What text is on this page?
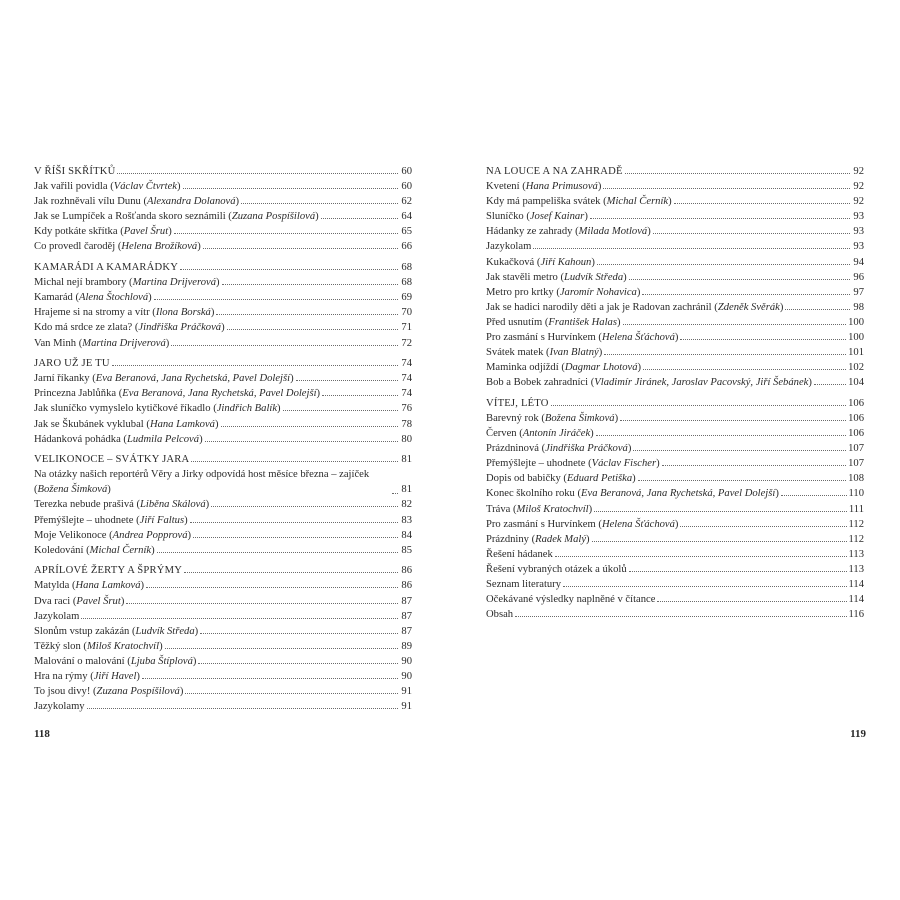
V ŘÍŠI SKŘÍTKŮ	60
Jak vařili povidla (Václav Čtvrtek)	60
Jak rozhněvali vílu Dunu (Alexandra Dolanová)	62
Jak se Lumpíček a Rošťanda skoro seznámili (Zuzana Pospíšilová)	64
Kdy potkáte skřítka (Pavel Šrut)	65
Co provedl čaroděj (Helena Brožíková)	66
KAMARÁDI A KAMARÁDKY	68
Michal nejí brambory (Martina Drijverová)	68
Kamarád (Alena Štochlová)	69
Hrajeme si na stromy a vítr (Ilona Borská)	70
Kdo má srdce ze zlata? (Jindřiška Práčková)	71
Van Minh (Martina Drijverová)	72
JARO UŽ JE TU	74
Jarní říkanky (Eva Beranová, Jana Rychetská, Pavel Dolejší)	74
Princezna Jablůňka (Eva Beranová, Jana Rychetská, Pavel Dolejší)	74
Jak sluníčko vymyslelo kytičkové říkadlo (Jindřich Balík)	76
Jak se Škubánek vyklubal (Hana Lamková)	78
Hádanková pohádka (Ludmila Pelcová)	80
VELIKONOCE – SVÁTKY JARA	81
Na otázky našich reportérů Věry a Jirky odpovídá host měsíce března – zajíček (Božena Šimková)	81
Terezka nebude prašivá (Liběna Skálová)	82
Přemýšlejte – uhodnete (Jiří Faltus)	83
Moje Velikonoce (Andrea Popprová)	84
Koledování (Michal Černík)	85
APRÍLOVÉ ŽERTY A ŠPRÝMY	86
Matylda (Hana Lamková)	86
Dva raci (Pavel Šrut)	87
Jazykolam	87
Slonům vstup zakázán (Ludvík Středa)	87
Těžký slon (Miloš Kratochvíl)	89
Malování o malování (Ljuba Štíplová)	90
Hra na rýmy (Jiří Havel)	90
To jsou divy! (Zuzana Pospíšilová)	91
Jazykolamy	91
NA LOUCE A NA ZAHRADĚ	92
Kvetení (Hana Primusová)	92
Kdy má pampeliška svátek (Michal Černík)	92
Sluníčko (Josef Kainar)	93
Hádanky ze zahrady (Milada Motlová)	93
Jazykolam	93
Kukačková (Jiří Kahoun)	94
Jak stavěli metro (Ludvík Středa)	96
Metro pro krtky (Jaromír Nohavica)	97
Jak se hadici narodily děti a jak je Radovan zachránil (Zdeněk Svěrák)	98
Před usnutím (František Halas)	100
Pro zasmání s Hurvínkem (Helena Šťáchová)	100
Svátek matek (Ivan Blatný)	101
Maminka odjíždí (Dagmar Lhotová)	102
Bob a Bobek zahradníci (Vladimír Jiránek, Jaroslav Pacovský, Jiří Šebánek)	104
VÍTEJ, LÉTO	106
Barevný rok (Božena Šimková)	106
Červen (Antonín Jiráček)	106
Prázdninová (Jindřiška Práčková)	107
Přemýšlejte – uhodnete (Václav Fischer)	107
Dopis od babičky (Eduard Petiška)	108
Konec školního roku (Eva Beranová, Jana Rychetská, Pavel Dolejší)	110
Tráva (Miloš Kratochvíl)	111
Pro zasmání s Hurvínkem (Helena Šťáchová)	112
Prázdniny (Radek Malý)	112
Řešení hádanek	113
Řešení vybraných otázek a úkolů	113
Seznam literatury	114
Očekávané výsledky naplněné v čítance	114
Obsah	116
118	119
